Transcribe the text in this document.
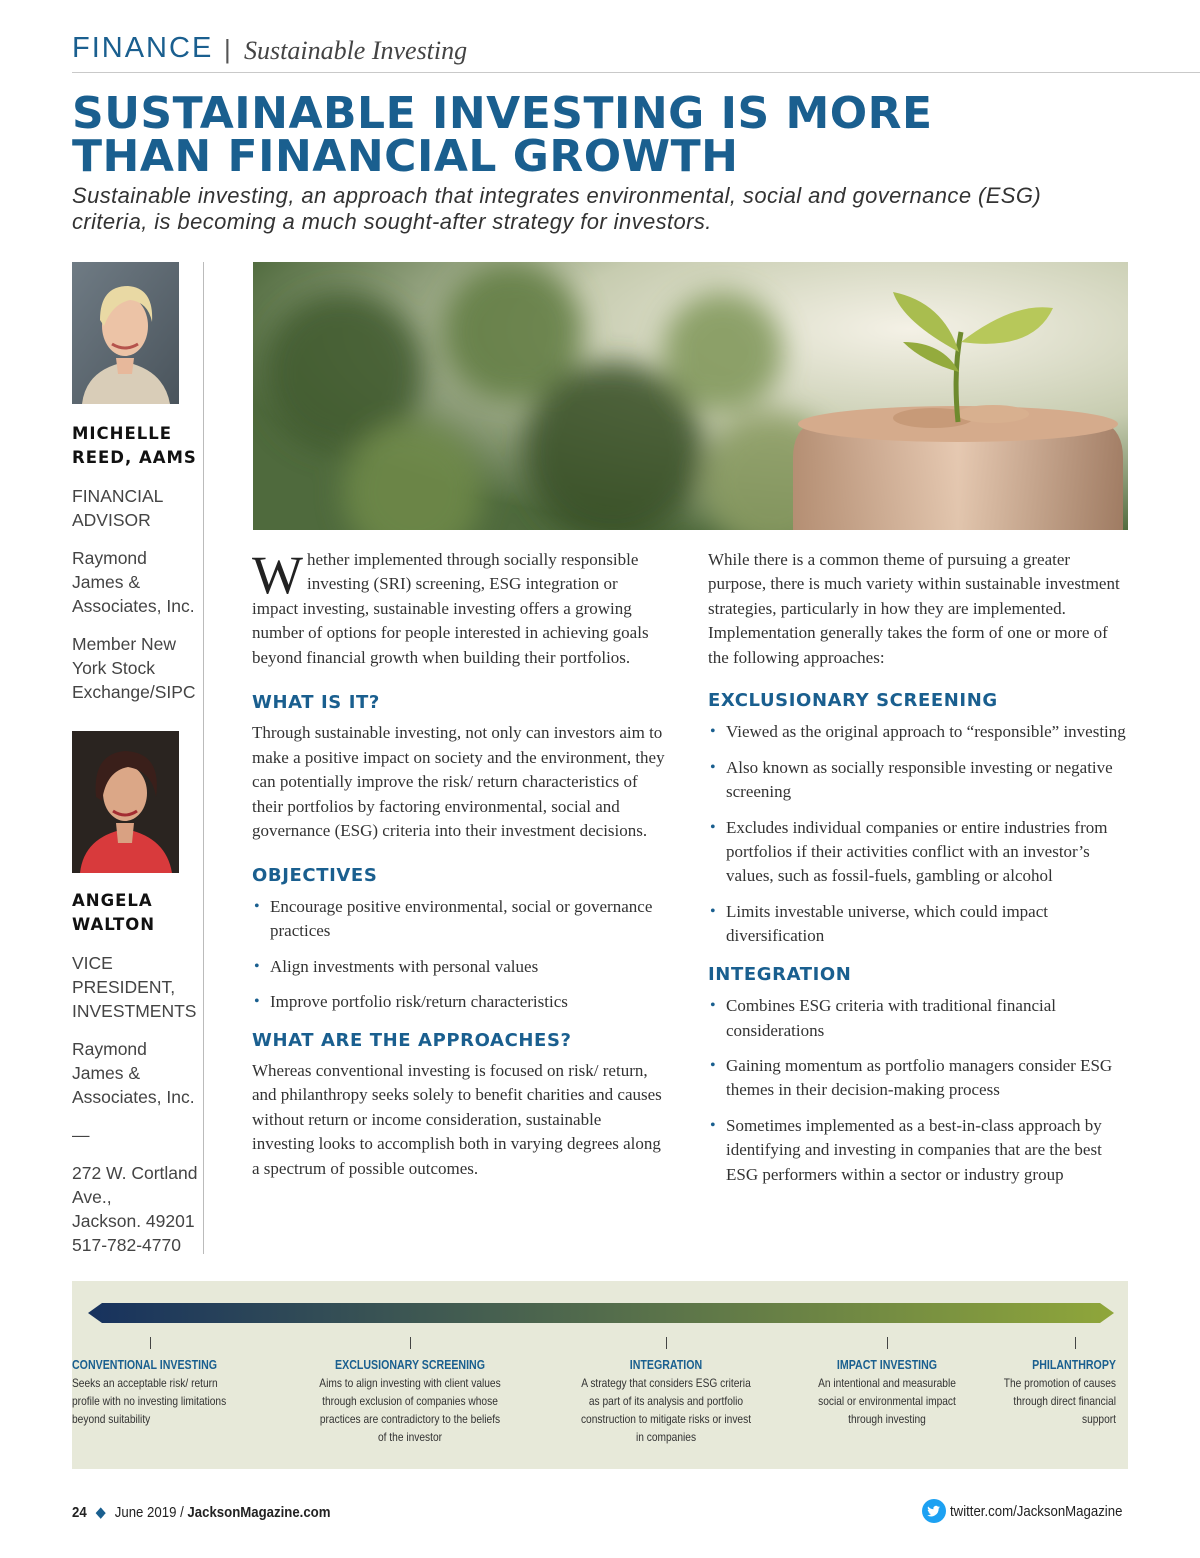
FINANCE | Sustainable Investing
SUSTAINABLE INVESTING IS MORE THAN FINANCIAL GROWTH

Sustainable investing, an approach that integrates environmental, social and governance (ESG) criteria, is becoming a much sought-after strategy for investors.

MICHELLE
REED, AAMS
FINANCIAL ADVISOR
Raymond James & Associates, Inc.
Member New York Stock Exchange/SIPC
ANGELA
WALTON
VICE PRESIDENT, INVESTMENTS
Raymond James & Associates, Inc.
—
272 W. Cortland Ave.,
Jackson. 49201
517-782-4770

Whether implemented through socially responsible investing (SRI) screening, ESG integration or impact investing, sustainable investing offers a growing number of options for people interested in achieving goals beyond financial growth when building their portfolios.

WHAT IS IT?

Through sustainable investing, not only can investors aim to make a positive impact on society and the environment, they can potentially improve the risk/ return characteristics of their portfolios by factoring environmental, social and governance (ESG) criteria into their investment decisions.

OBJECTIVES
• Encourage positive environmental, social or governance practices
• Align investments with personal values
• Improve portfolio risk/return characteristics
WHAT ARE THE APPROACHES?

Whereas conventional investing is focused on risk/ return, and philanthropy seeks solely to benefit charities and causes without return or income consideration, sustainable investing looks to accomplish both in varying degrees along a spectrum of possible outcomes.

While there is a common theme of pursuing a greater purpose, there is much variety within sustainable investment strategies, particularly in how they are implemented. Implementation generally takes the form of one or more of the following approaches:

EXCLUSIONARY SCREENING
• Viewed as the original approach to “responsible” investing
• Also known as socially responsible investing or negative screening
• Excludes individual companies or entire industries from portfolios if their activities conflict with an investor’s values, such as fossil-fuels, gambling or alcohol
• Limits investable universe, which could impact diversification
INTEGRATION
• Combines ESG criteria with traditional financial considerations
• Gaining momentum as portfolio managers consider ESG themes in their decision-making process
• Sometimes implemented as a best-in-class approach by identifying and investing in companies that are the best ESG performers within a sector or industry group
CONVENTIONAL INVESTING
Seeks an acceptable risk/ return profile with no investing limitations beyond suitability
EXCLUSIONARY SCREENING
Aims to align investing with client values through exclusion of companies whose practices are contradictory to the beliefs of the investor
INTEGRATION
A strategy that considers ESG criteria as part of its analysis and portfolio construction to mitigate risks or invest in companies
IMPACT INVESTING
An intentional and measurable social or environmental impact through investing
PHILANTHROPY
The promotion of causes through direct financial support
24 ◆ June 2019 / JacksonMagazine.com	twitter.com/JacksonMagazine
